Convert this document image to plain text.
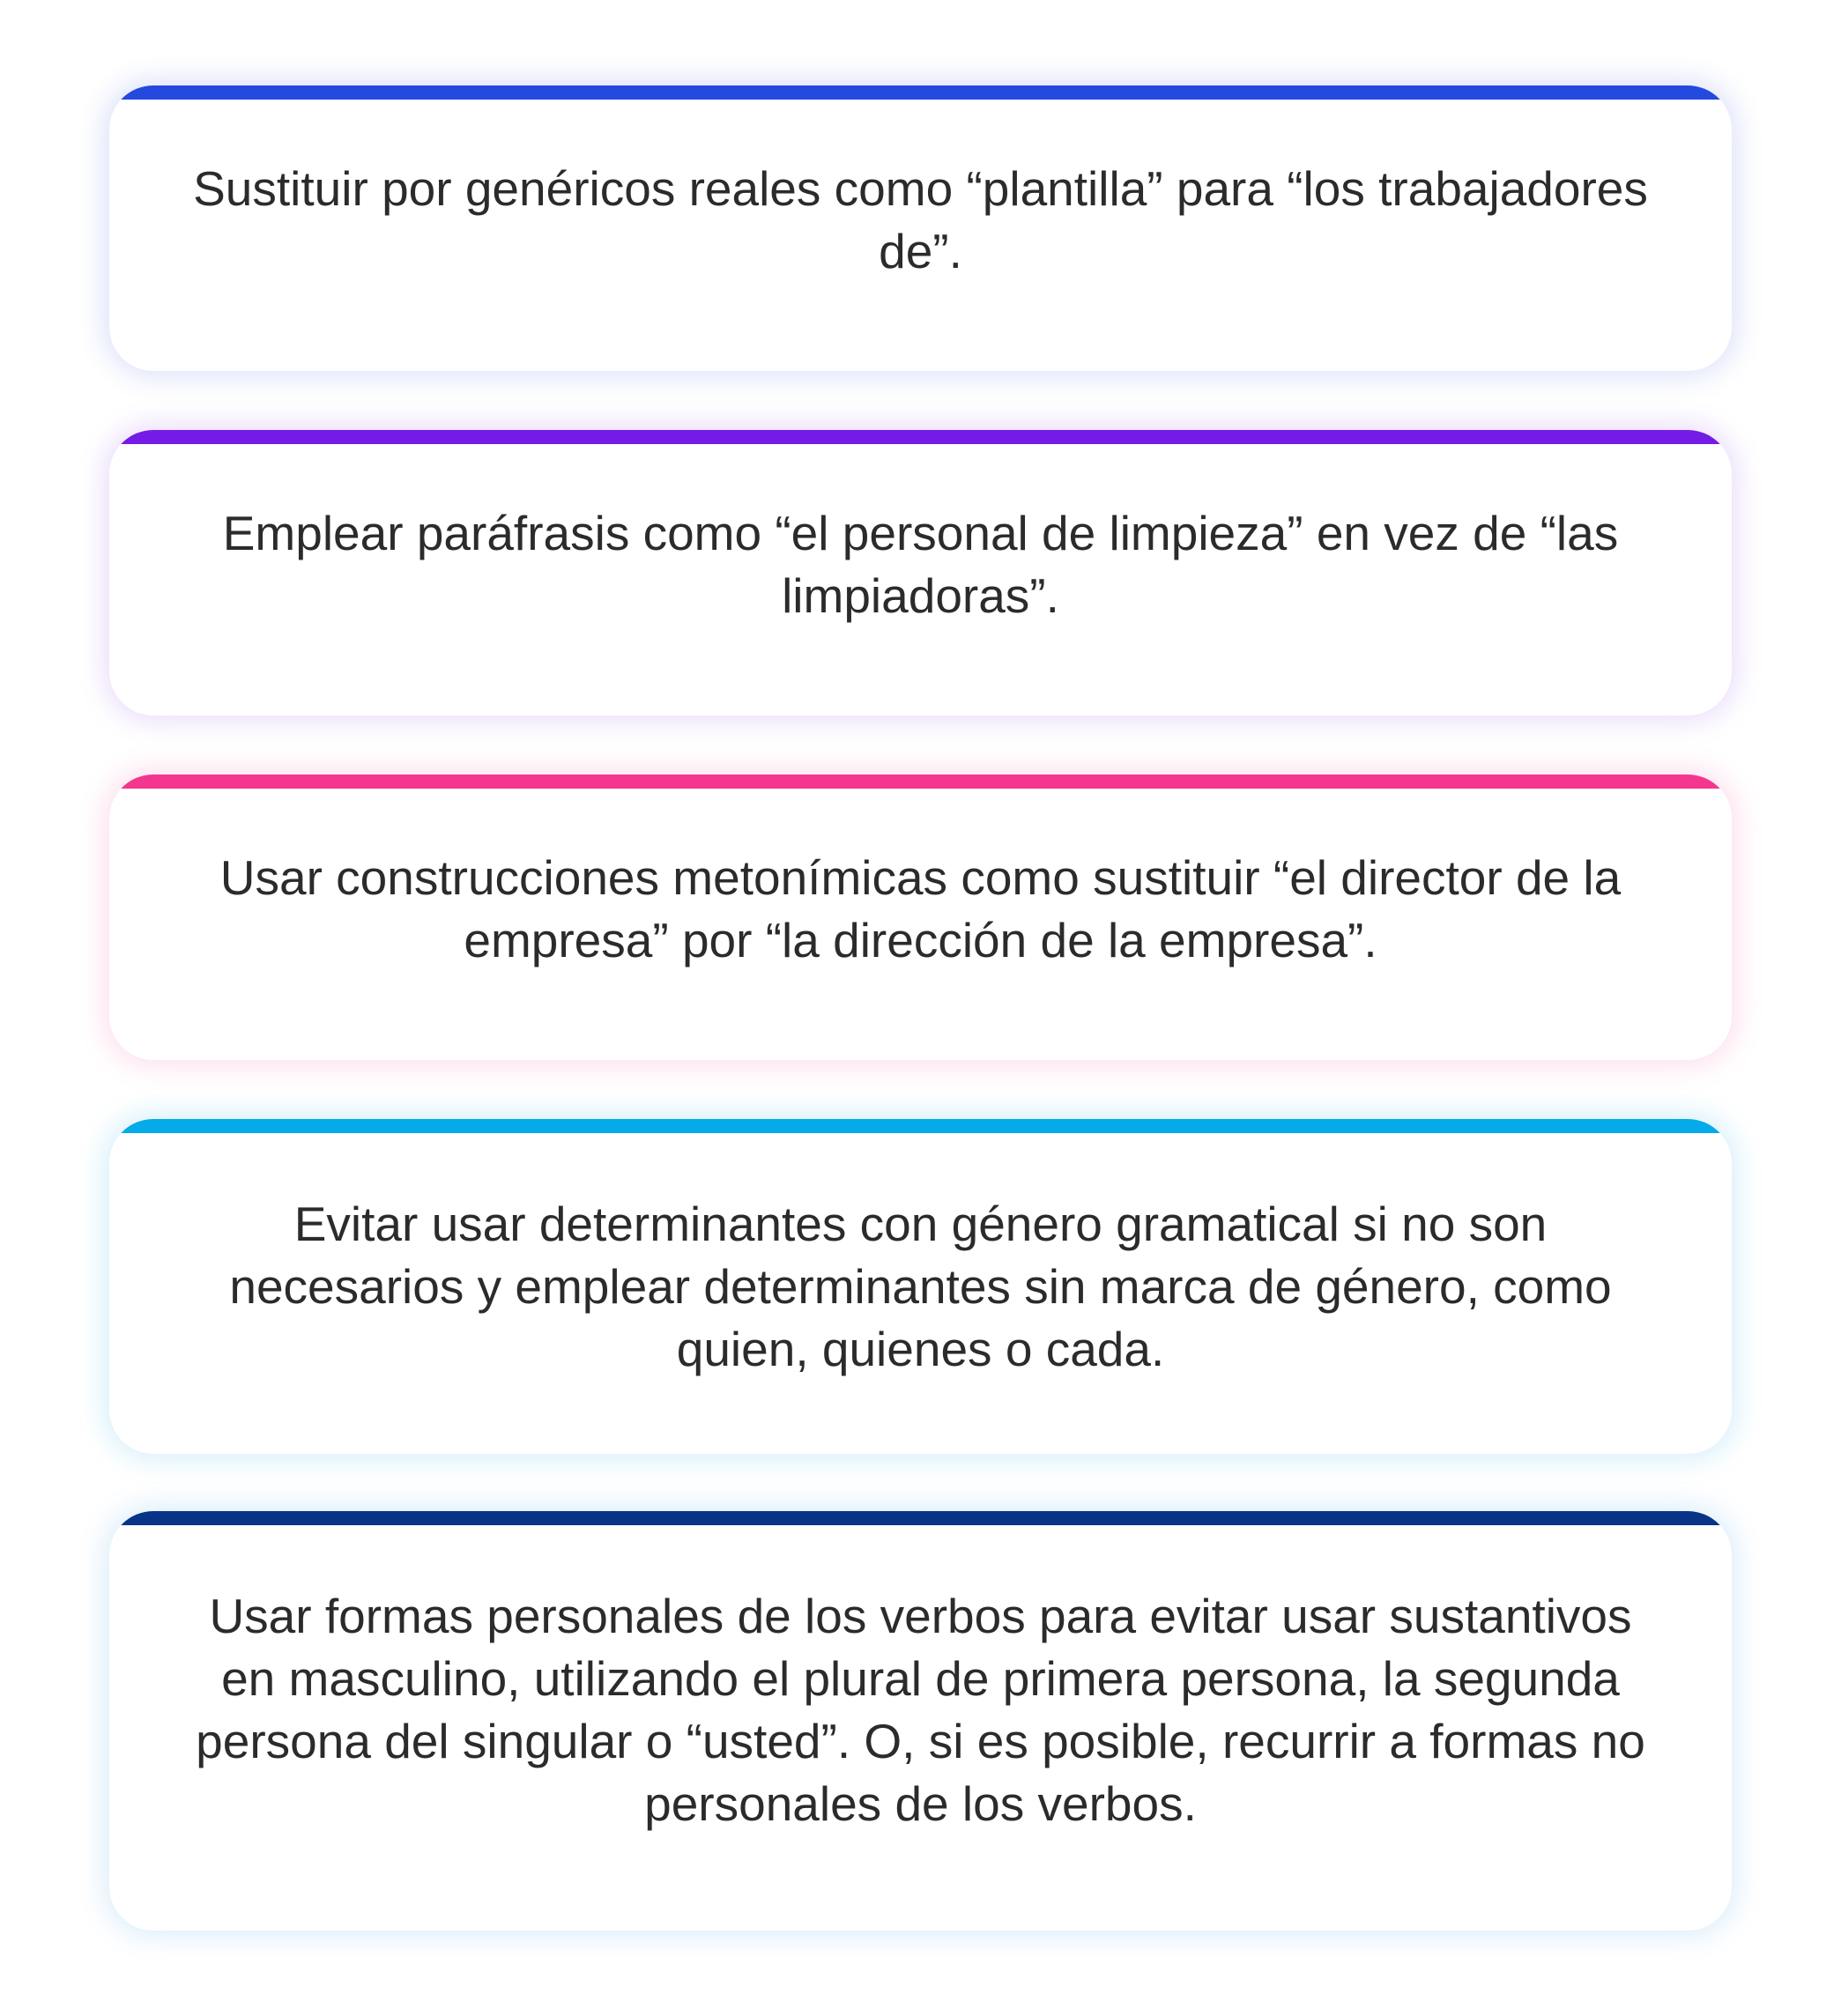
Sustituir por genéricos reales como “plantilla” para “los trabajadores de”.

Emplear paráfrasis como “el personal de limpieza” en vez de “las limpiadoras”.

Usar construcciones metonímicas como sustituir “el director de la empresa” por “la dirección de la empresa”.

Evitar usar determinantes con género gramatical si no son necesarios y emplear determinantes sin marca de género, como quien, quienes o cada.

Usar formas personales de los verbos para evitar usar sustantivos en masculino, utilizando el plural de primera persona, la segunda persona del singular o “usted”. O, si es posible, recurrir a formas no personales de los verbos.
